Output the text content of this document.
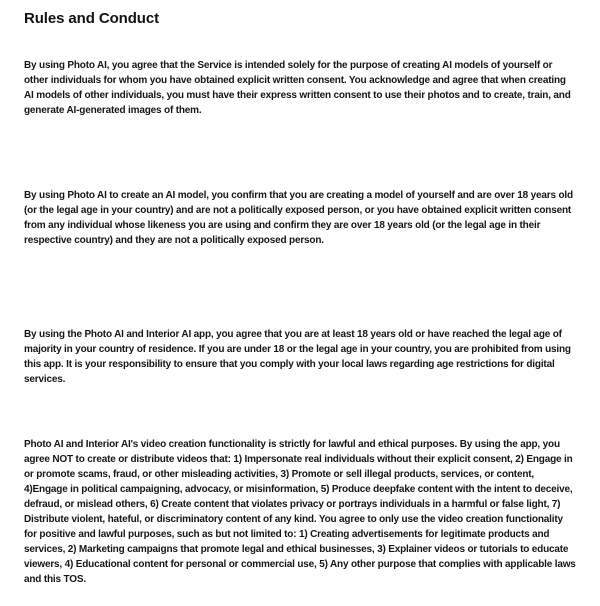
Rules and Conduct

By using Photo AI, you agree that the Service is intended solely for the purpose of creating AI models of yourself or other individuals for whom you have obtained explicit written consent. You acknowledge and agree that when creating AI models of other individuals, you must have their express written consent to use their photos and to create, train, and generate AI-generated images of them.

By using Photo AI to create an AI model, you confirm that you are creating a model of yourself and are over 18 years old (or the legal age in your country) and are not a politically exposed person, or you have obtained explicit written consent from any individual whose likeness you are using and confirm they are over 18 years old (or the legal age in their respective country) and they are not a politically exposed person.

By using the Photo AI and Interior AI app, you agree that you are at least 18 years old or have reached the legal age of majority in your country of residence. If you are under 18 or the legal age in your country, you are prohibited from using this app. It is your responsibility to ensure that you comply with your local laws regarding age restrictions for digital services.

Photo AI and Interior AI's video creation functionality is strictly for lawful and ethical purposes. By using the app, you agree NOT to create or distribute videos that: 1) Impersonate real individuals without their explicit consent, 2) Engage in or promote scams, fraud, or other misleading activities, 3) Promote or sell illegal products, services, or content, 4)Engage in political campaigning, advocacy, or misinformation, 5) Produce deepfake content with the intent to deceive, defraud, or mislead others, 6) Create content that violates privacy or portrays individuals in a harmful or false light, 7) Distribute violent, hateful, or discriminatory content of any kind. You agree to only use the video creation functionality for positive and lawful purposes, such as but not limited to: 1) Creating advertisements for legitimate products and services, 2) Marketing campaigns that promote legal and ethical businesses, 3) Explainer videos or tutorials to educate viewers, 4) Educational content for personal or commercial use, 5) Any other purpose that complies with applicable laws and this TOS.
